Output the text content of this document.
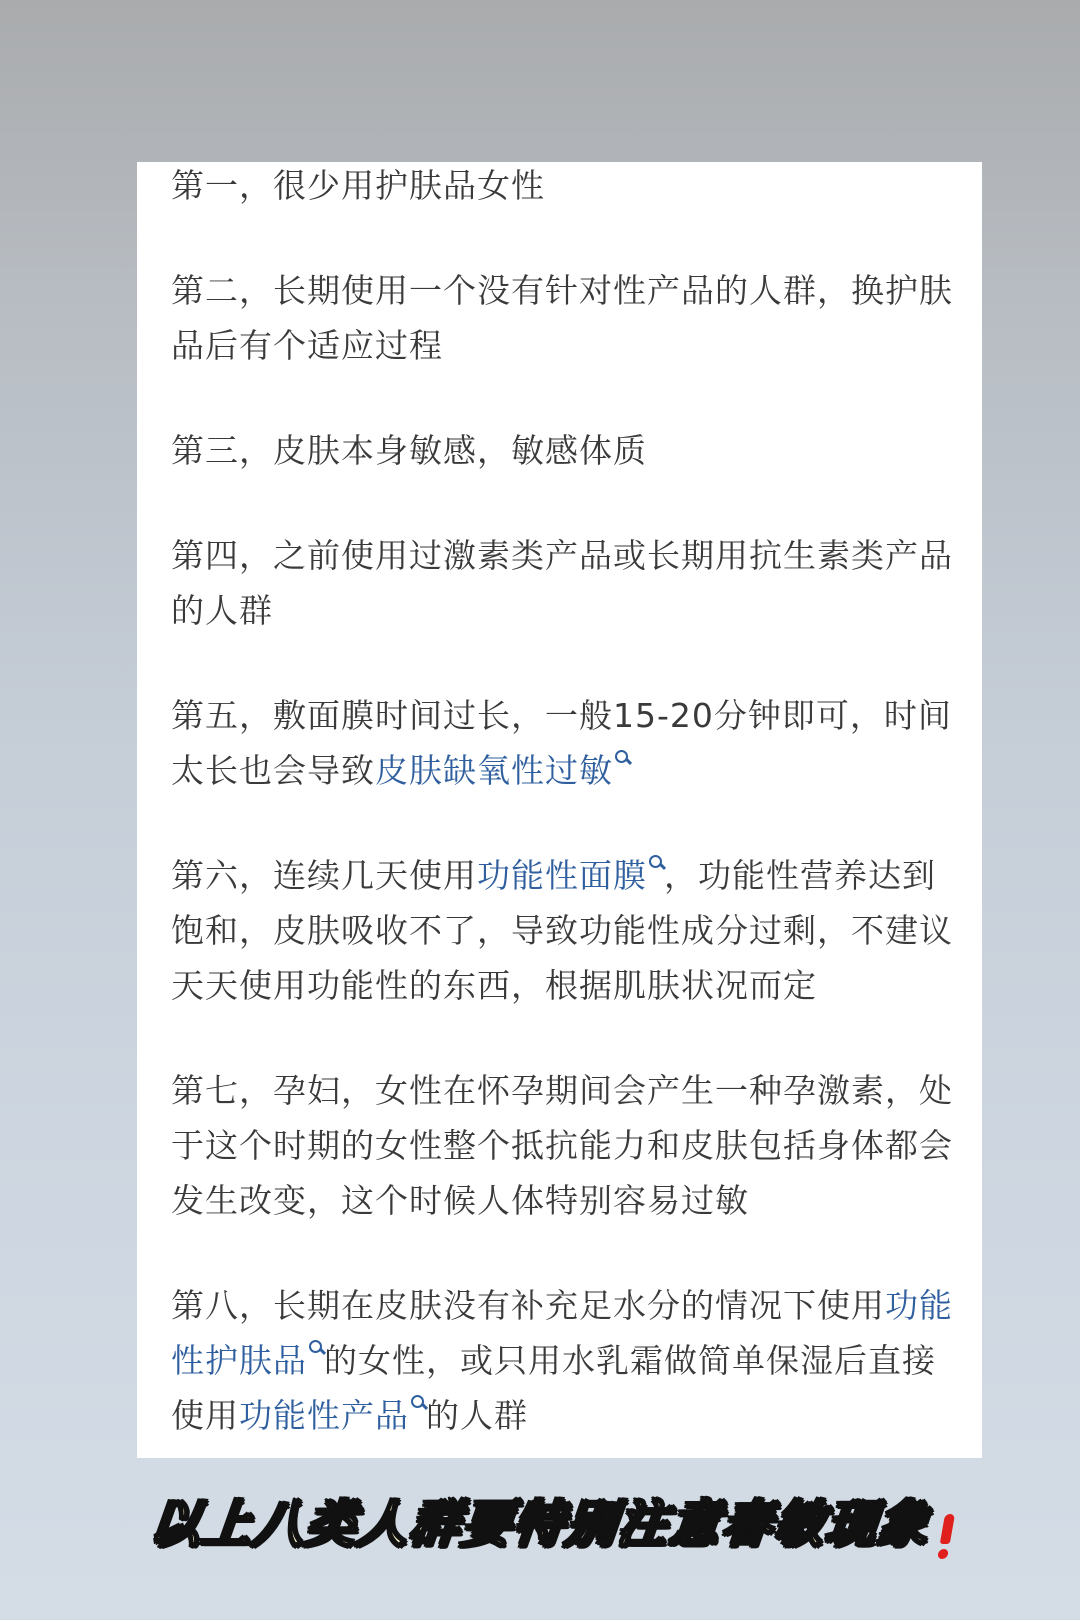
第一，很少用护肤品女性

第二，长期使用一个没有针对性产品的人群，换护肤品后有个适应过程

第三，皮肤本身敏感，敏感体质

第四，之前使用过激素类产品或长期用抗生素类产品的人群

第五，敷面膜时间过长，一般15-20分钟即可，时间太长也会导致皮肤缺氧性过敏

第六，连续几天使用功能性面膜 ，功能性营养达到饱和，皮肤吸收不了，导致功能性成分过剩，不建议天天使用功能性的东西，根据肌肤状况而定

第七，孕妇，女性在怀孕期间会产生一种孕激素，处于这个时期的女性整个抵抗能力和皮肤包括身体都会发生改变，这个时候人体特别容易过敏

第八，长期在皮肤没有补充足水分的情况下使用功能性护肤品 的女性，或只用水乳霜做简单保湿后直接使用功能性产品 的人群

以上八类人群要特别注意春敏现象
